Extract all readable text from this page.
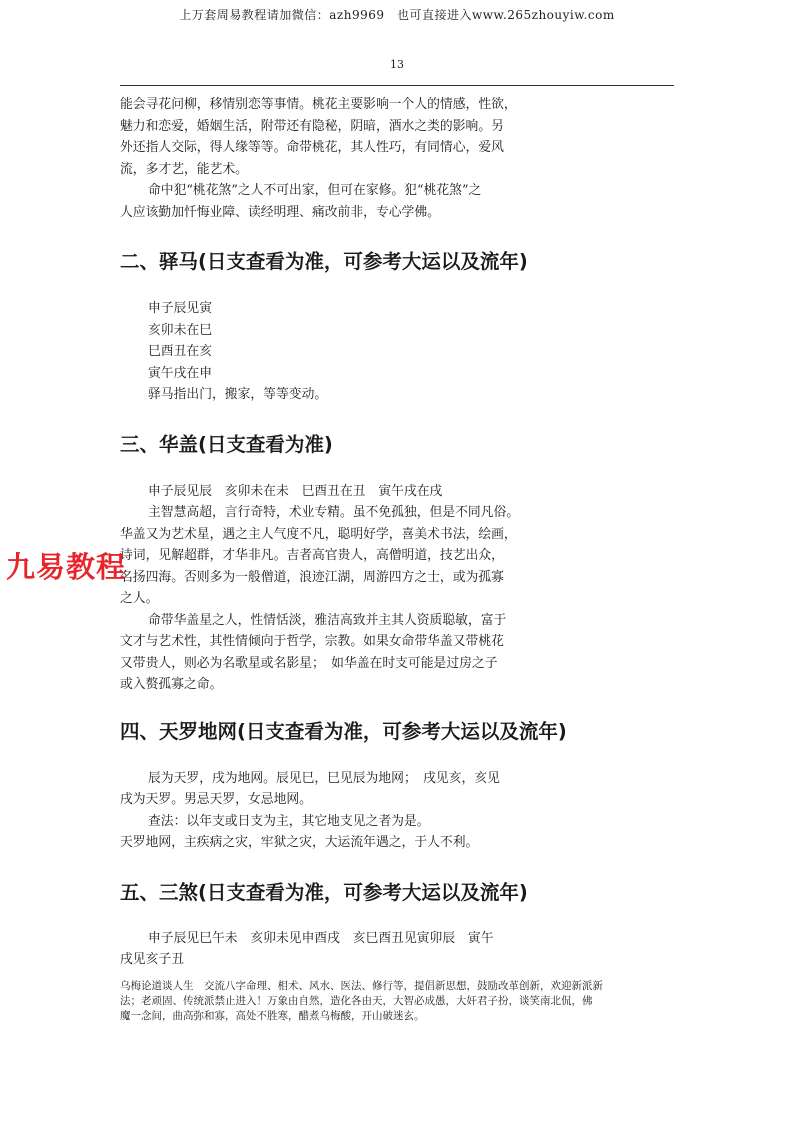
上万套周易教程请加微信：azh9969　也可直接进入www.265zhouyiw.com
13

能会寻花问柳，移情别恋等事情。桃花主要影响一个人的情感，性欲，

魅力和恋爱，婚姻生活，附带还有隐秘，阴暗，酒水之类的影响。另

外还指人交际，得人缘等等。命带桃花，其人性巧，有同情心，爱风

流，多才艺，能艺术。

命中犯“桃花煞”之人不可出家，但可在家修。犯“桃花煞”之

人应该勤加忏悔业障、读经明理、痛改前非，专心学佛。

二、驿马(日支查看为准，可参考大运以及流年)

申子辰见寅

亥卯未在巳

巳酉丑在亥

寅午戌在申

驿马指出门，搬家，等等变动。

三、华盖(日支查看为准)

申子辰见辰　亥卯未在未　巳酉丑在丑　寅午戌在戌

主智慧高超，言行奇特，术业专精。虽不免孤独，但是不同凡俗。

华盖又为艺术星，遇之主人气度不凡，聪明好学，喜美术书法，绘画，

诗词，见解超群，才华非凡。吉者高官贵人，高僧明道，技艺出众，

名扬四海。否则多为一般僧道，浪迹江湖，周游四方之士，或为孤寡

之人。

命带华盖星之人，性情恬淡，雅洁高致并主其人资质聪敏，富于

文才与艺术性，其性情倾向于哲学，宗教。如果女命带华盖又带桃花

又带贵人，则必为名歌星或名影星；　如华盖在时支可能是过房之子

或入赘孤寡之命。

四、天罗地网(日支查看为准，可参考大运以及流年)

辰为天罗，戌为地网。辰见巳，巳见辰为地网；　戌见亥，亥见

戌为天罗。男忌天罗，女忌地网。

查法：以年支或日支为主，其它地支见之者为是。

天罗地网，主疾病之灾，牢狱之灾，大运流年遇之，于人不利。

五、三煞(日支查看为准，可参考大运以及流年)

申子辰见巳午未　亥卯未见申酉戌　亥巳酉丑见寅卯辰　寅午

戌见亥子丑

乌梅论道谈人生　交流八字命理、相术、风水、医法、修行等，提倡新思想，鼓励改革创新，欢迎新派新
法；老顽固、传统派禁止进入！万象由自然，造化各由天，大智必成愚，大奸君子扮，谈笑南北侃，佛
魔一念间，曲高弥和寡，高处不胜寒，醋煮乌梅酸，开山破迷玄。
九易教程
